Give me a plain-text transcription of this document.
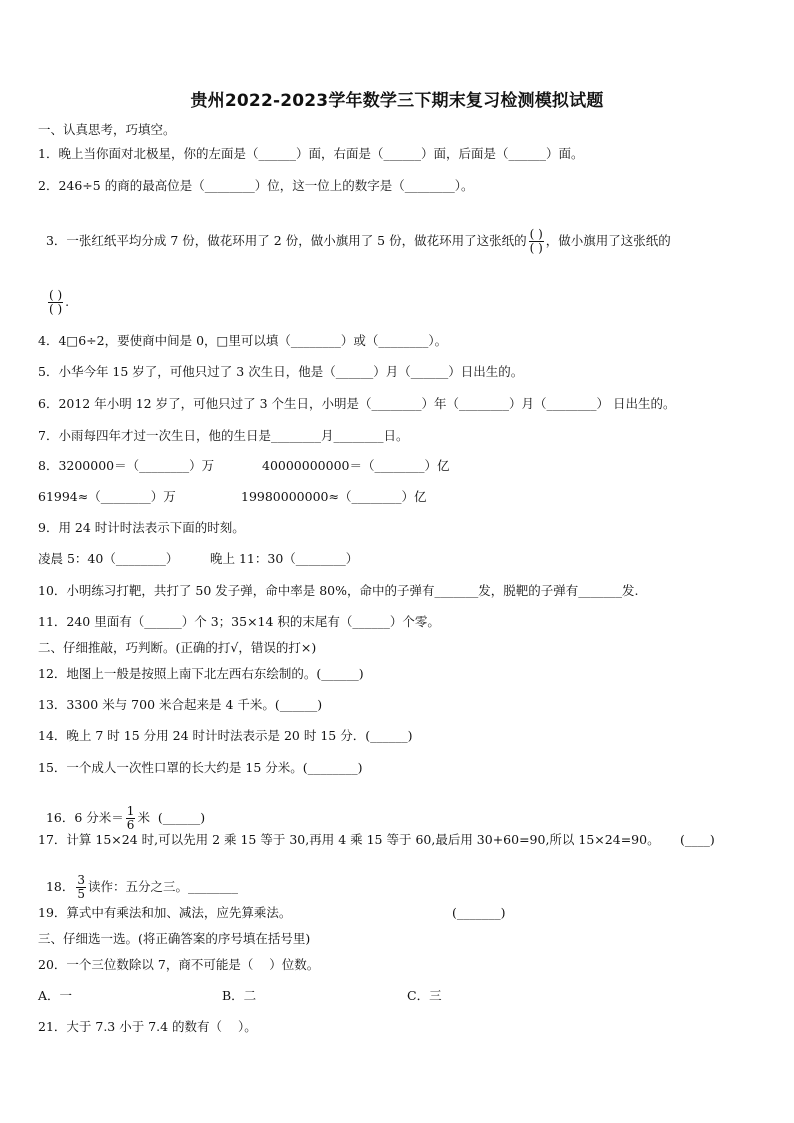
贵州2022-2023学年数学三下期末复习检测模拟试题
一、认真思考，巧填空。
1．晚上当你面对北极星，你的左面是（______）面，右面是（______）面，后面是（______）面。
2．246÷5 的商的最高位是（________）位，这一位上的数字是（________）。

3．一张红纸平均分成 7 份，做花环用了 2 份，做小旗用了 5 份，做花环用了这张纸的 $\frac{( )}{( )}$ ，做小旗用了这张纸的

$\frac{( )}{( )}$ .

4．4□6÷2，要使商中间是 0，□里可以填（________）或（________）。
5．小华今年 15 岁了，可他只过了 3 次生日，他是（______）月（______）日出生的。
6．2012 年小明 12 岁了，可他只过了 3 个生日，小明是（________）年（________）月（________） 日出生的。
7．小雨每四年才过一次生日，他的生日是________月________日。
8．3200000＝（________）万	40000000000＝（________）亿
61994≈（________）万	19980000000≈（________）亿
9．用 24 时计时法表示下面的时刻。
凌晨 5：40（________）	晚上 11：30（________）
10．小明练习打靶，共打了 50 发子弹，命中率是 80%，命中的子弹有_______发，脱靶的子弹有_______发.
11．240 里面有（______）个 3；35×14 积的末尾有（______）个零。
二、仔细推敲，巧判断。(正确的打√，错误的打×)
12．地图上一般是按照上南下北左西右东绘制的。(______)
13．3300 米与 700 米合起来是 4 千米。(______)
14．晚上 7 时 15 分用 24 时计时法表示是 20 时 15 分．(______)
15．一个成人一次性口罩的长大约是 15 分米。(________)

16．6 分米＝ $\frac{1}{6}$ 米  (______)

17．计算 15×24 时,可以先用 2 乘 15 等于 30,再用 4 乘 15 等于 60,最后用 30+60=90,所以 15×24=90。 (____)

18． $\frac{3}{5}$ 读作：五分之三。________

19．算式中有乘法和加、减法，应先算乘法。	(_______)
三、仔细选一选。(将正确答案的序号填在括号里)
20．一个三位数除以 7，商不可能是（    ）位数。
A．一	B．二	C．三
21．大于 7.3 小于 7.4 的数有（    ）。
